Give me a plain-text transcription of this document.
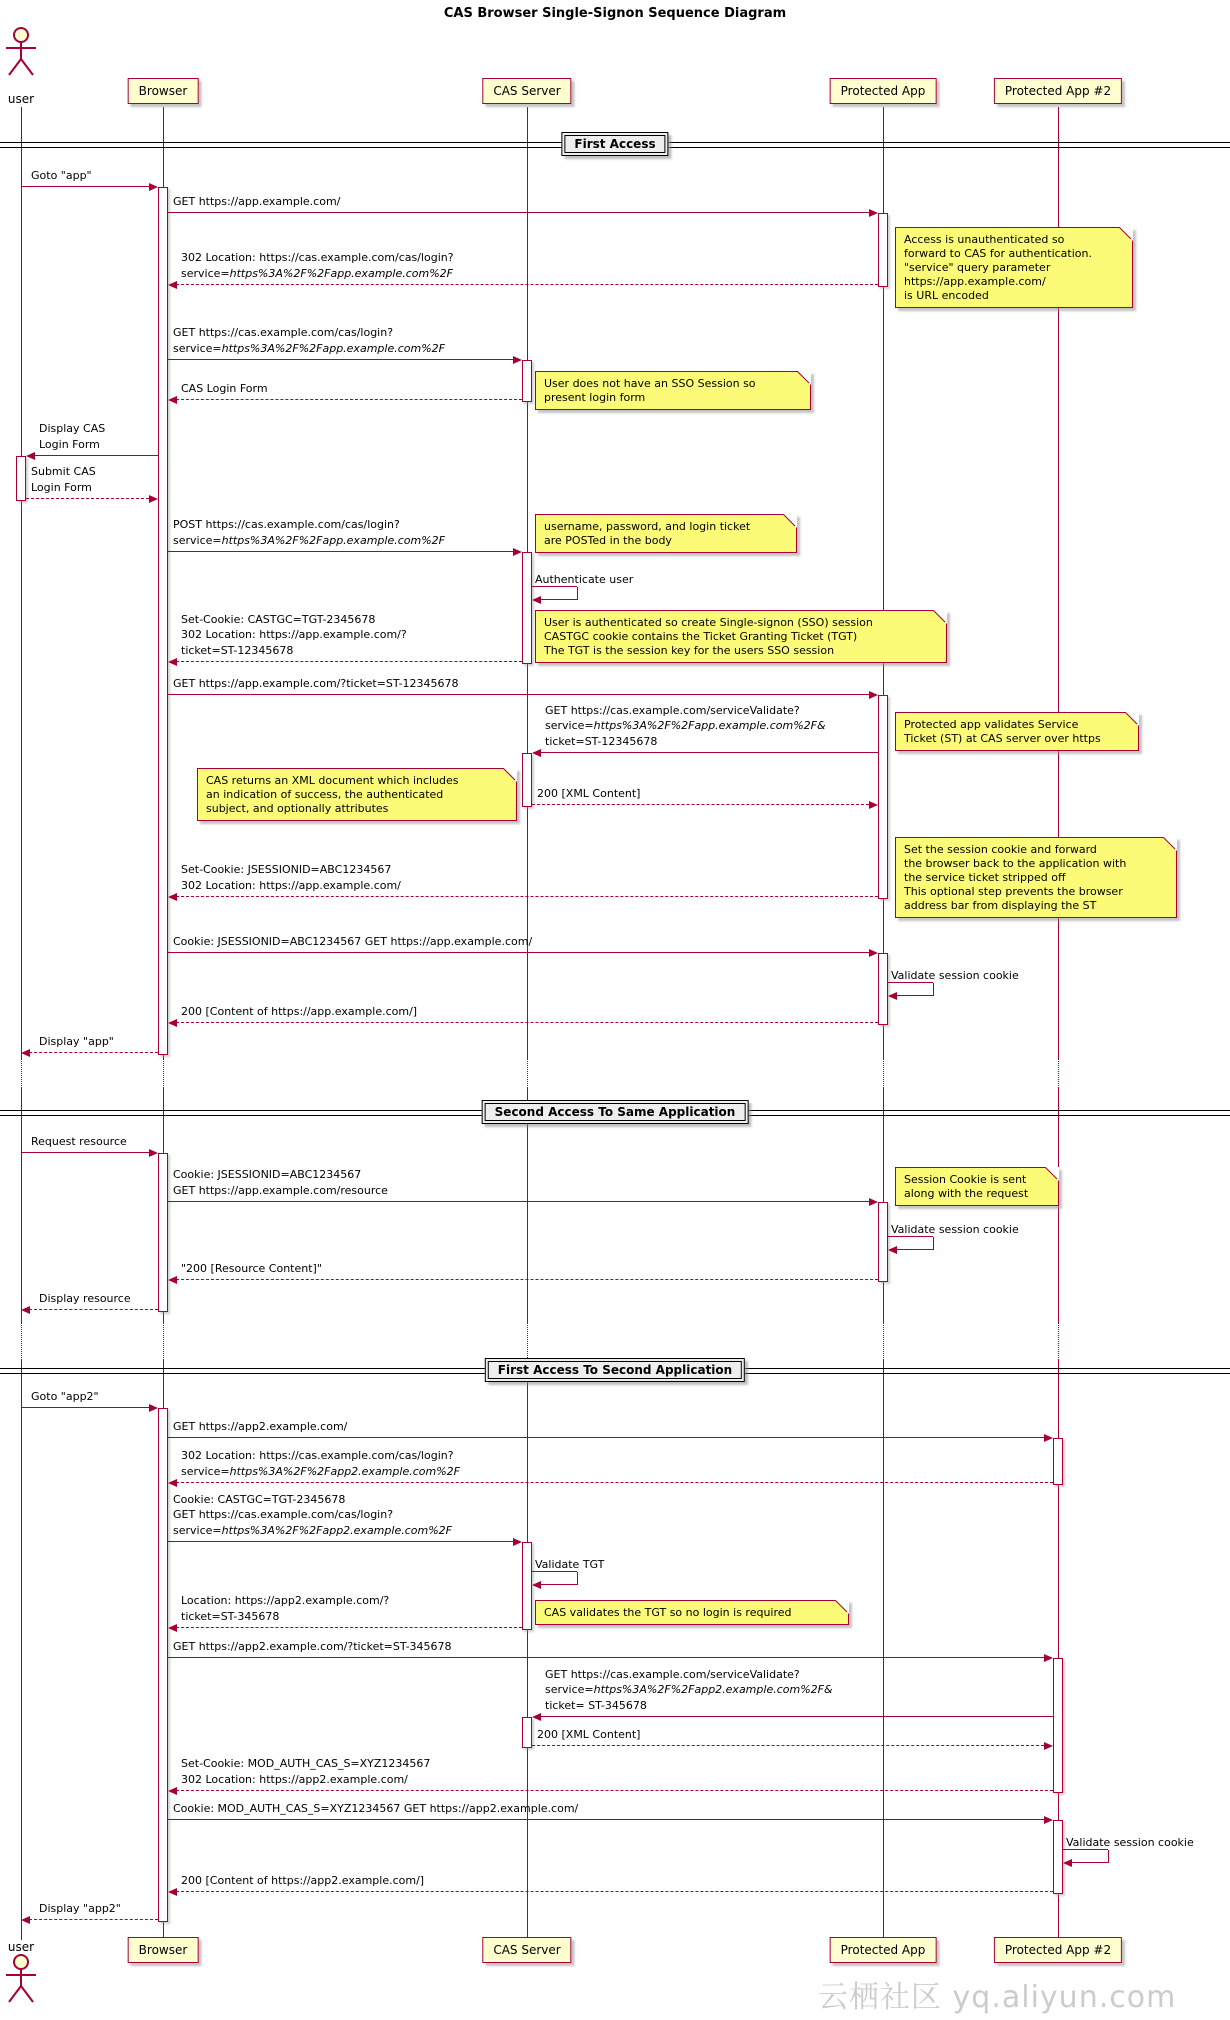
CAS Browser Single-Signon Sequence Diagram
云栖社区 yq.aliyun.com
First Access
Second Access To Same Application
First Access To Second Application
Goto "app"
GET https://app.example.com/
302 Location: https://cas.example.com/cas/login?
service=https%3A%2F%2Fapp.example.com%2F
GET https://cas.example.com/cas/login?
service=https%3A%2F%2Fapp.example.com%2F
CAS Login Form
Display CAS
Login Form
Submit CAS
Login Form
POST https://cas.example.com/cas/login?
service=https%3A%2F%2Fapp.example.com%2F
Authenticate user
Set-Cookie: CASTGC=TGT-2345678
302 Location: https://app.example.com/?
ticket=ST-12345678
GET https://app.example.com/?ticket=ST-12345678
GET https://cas.example.com/serviceValidate?
service=https%3A%2F%2Fapp.example.com%2F&
ticket=ST-12345678
200 [XML Content]
Set-Cookie: JSESSIONID=ABC1234567
302 Location: https://app.example.com/
Cookie: JSESSIONID=ABC1234567 GET https://app.example.com/
Validate session cookie
200 [Content of https://app.example.com/]
Display "app"
Request resource
Cookie: JSESSIONID=ABC1234567
GET https://app.example.com/resource
Validate session cookie
"200 [Resource Content]"
Display resource
Goto "app2"
GET https://app2.example.com/
302 Location: https://cas.example.com/cas/login?
service=https%3A%2F%2Fapp2.example.com%2F
Cookie: CASTGC=TGT-2345678
GET https://cas.example.com/cas/login?
service=https%3A%2F%2Fapp2.example.com%2F
Validate TGT
Location: https://app2.example.com/?
ticket=ST-345678
GET https://app2.example.com/?ticket=ST-345678
GET https://cas.example.com/serviceValidate?
service=https%3A%2F%2Fapp2.example.com%2F&
ticket= ST-345678
200 [XML Content]
Set-Cookie: MOD_AUTH_CAS_S=XYZ1234567
302 Location: https://app2.example.com/
Cookie: MOD_AUTH_CAS_S=XYZ1234567 GET https://app2.example.com/
Validate session cookie
200 [Content of https://app2.example.com/]
Display "app2"
Access is unauthenticated so
forward to CAS for authentication.
"service" query parameter
https://app.example.com/
is URL encoded
User does not have an SSO Session so
present login form
username, password, and login ticket
are POSTed in the body
User is authenticated so create Single-signon (SSO) session
CASTGC cookie contains the Ticket Granting Ticket (TGT)
The TGT is the session key for the users SSO session
Protected app validates Service
Ticket (ST) at CAS server over https
CAS returns an XML document which includes
an indication of success, the authenticated
subject, and optionally attributes
Set the session cookie and forward
the browser back to the application with
the service ticket stripped off
This optional step prevents the browser
address bar from displaying the ST
Session Cookie is sent
along with the request
CAS validates the TGT so no login is required
user
user
Browser
Browser
CAS Server
CAS Server
Protected App
Protected App
Protected App #2
Protected App #2
